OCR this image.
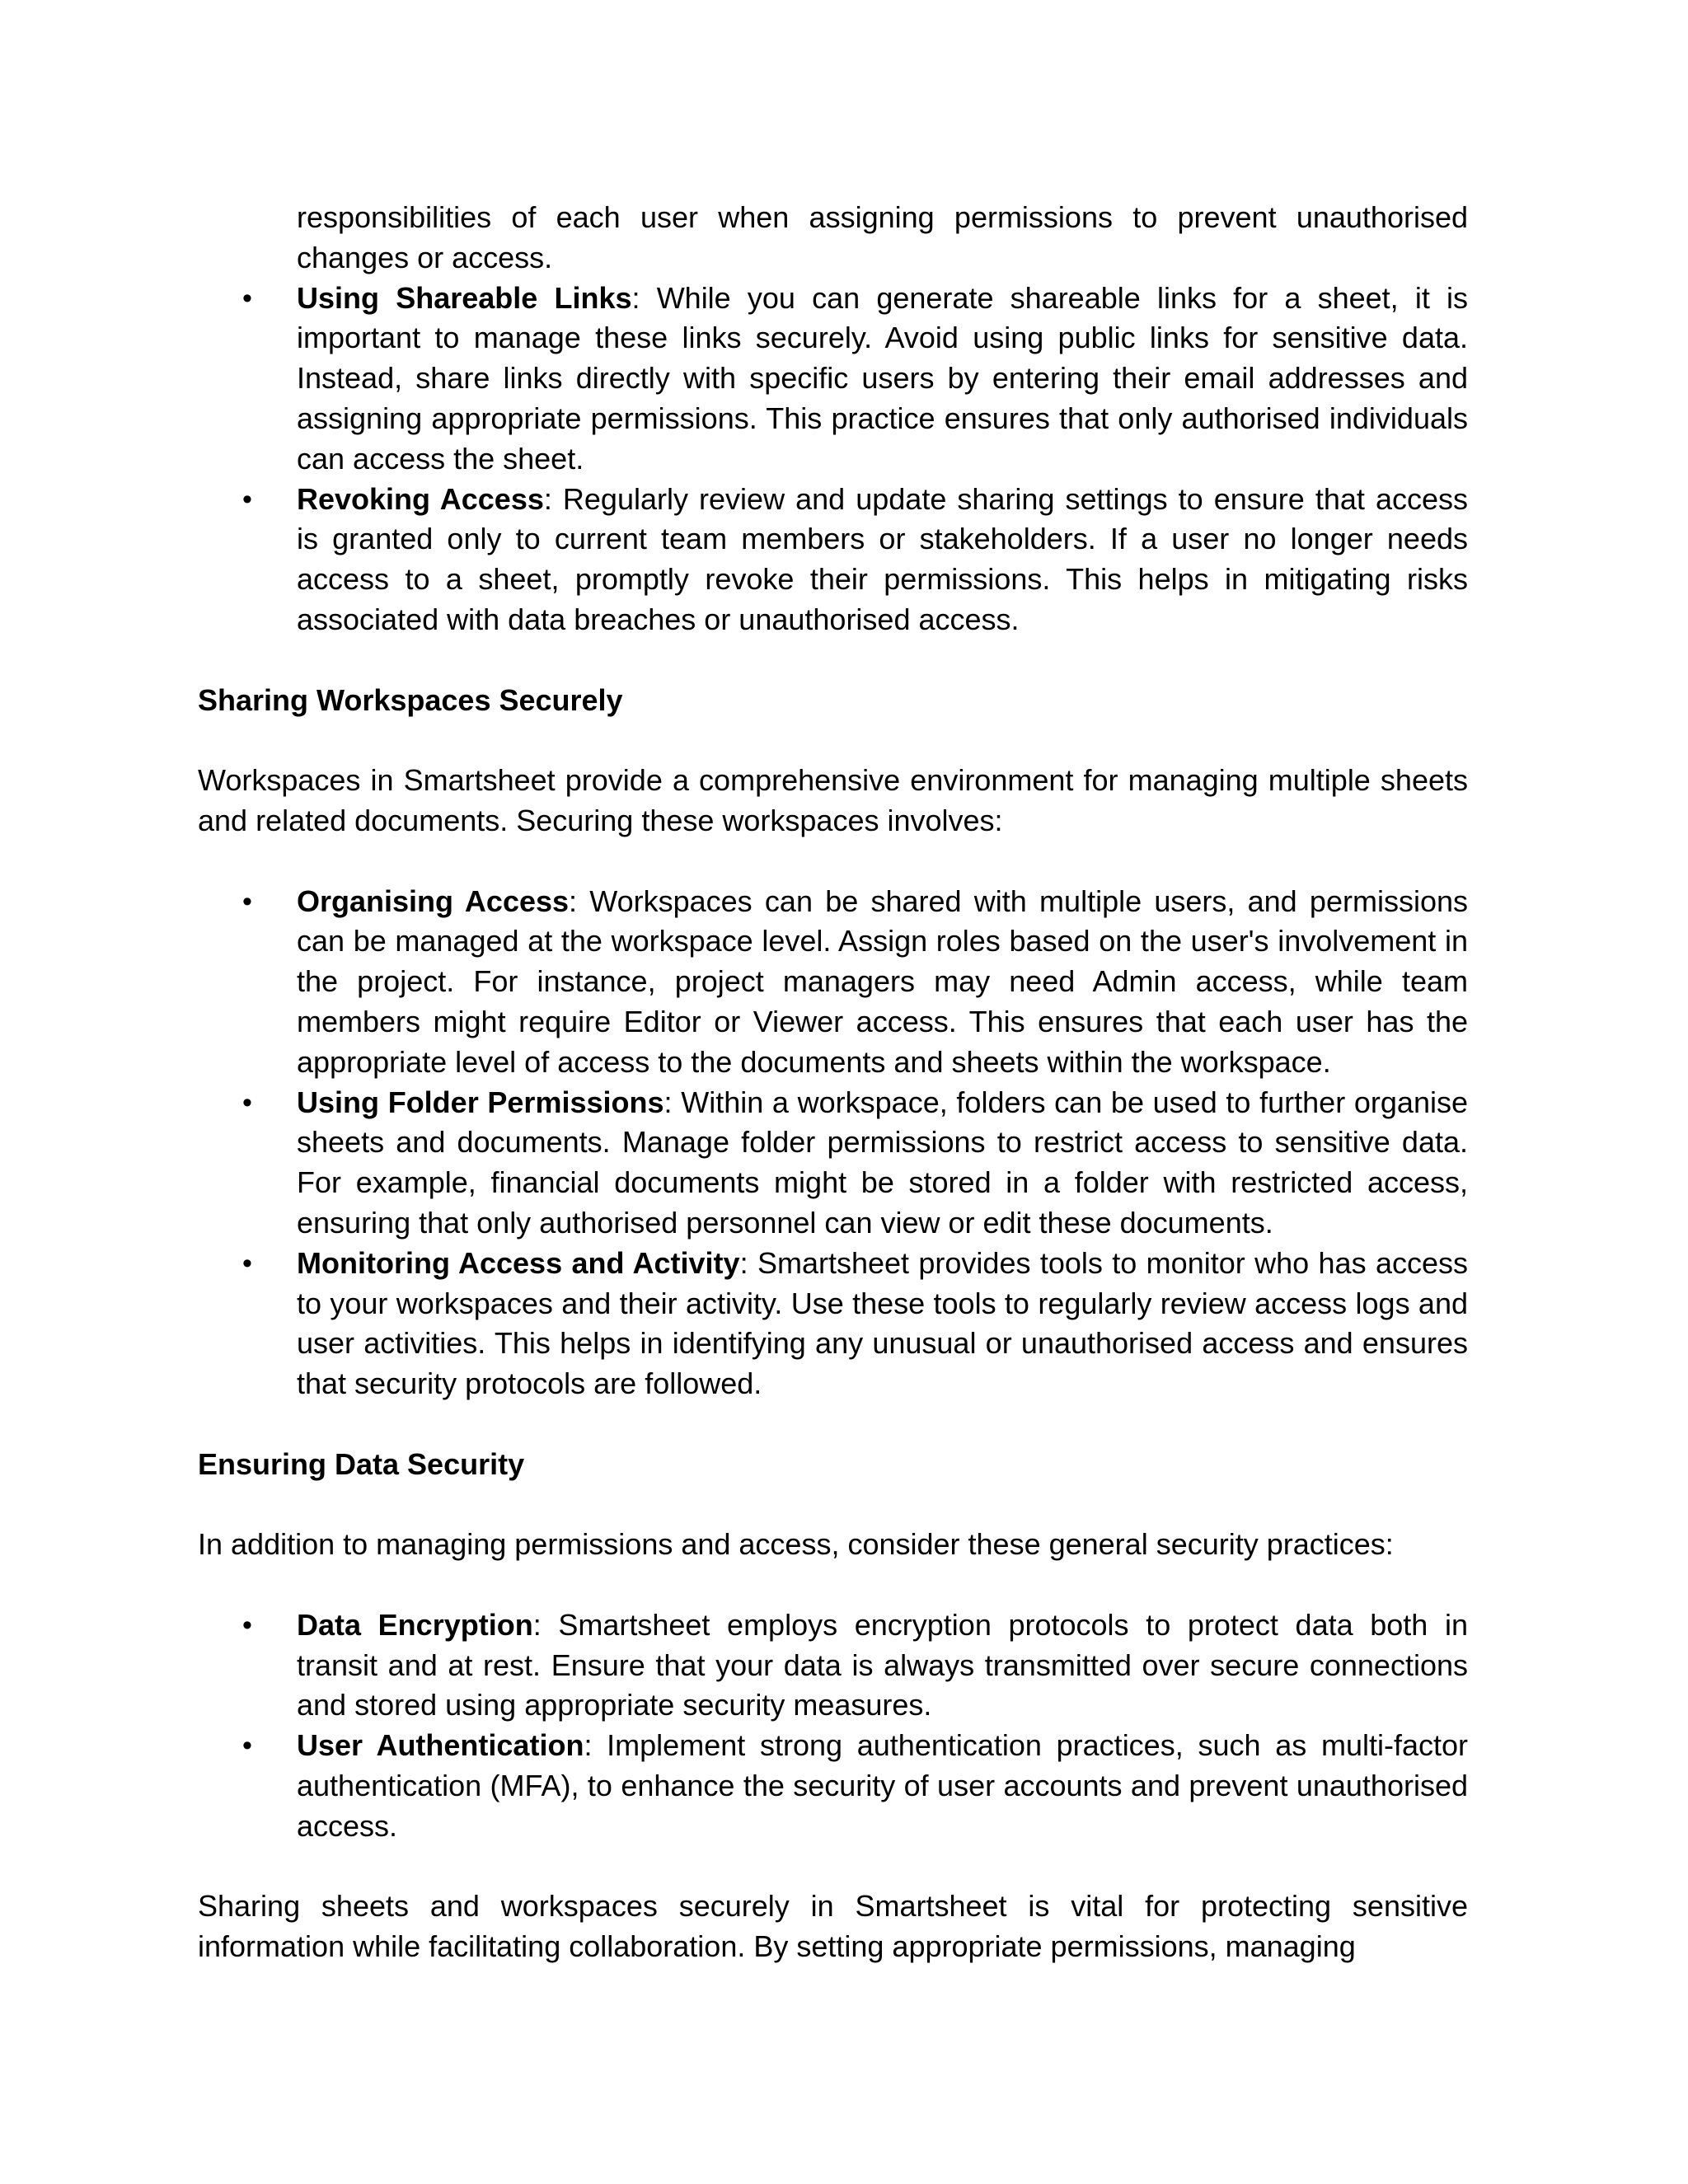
responsibilities of each user when assigning permissions to prevent unauthorised changes or access.

•	Using Shareable Links: While you can generate shareable links for a sheet, it is important to manage these links securely. Avoid using public links for sensitive data. Instead, share links directly with specific users by entering their email addresses and assigning appropriate permissions. This practice ensures that only authorised individuals can access the sheet.
•	Revoking Access: Regularly review and update sharing settings to ensure that access is granted only to current team members or stakeholders. If a user no longer needs access to a sheet, promptly revoke their permissions. This helps in mitigating risks associated with data breaches or unauthorised access.

Sharing Workspaces Securely

Workspaces in Smartsheet provide a comprehensive environment for managing multiple sheets and related documents. Securing these workspaces involves:

•	Organising Access: Workspaces can be shared with multiple users, and permissions can be managed at the workspace level. Assign roles based on the user's involvement in the project. For instance, project managers may need Admin access, while team members might require Editor or Viewer access. This ensures that each user has the appropriate level of access to the documents and sheets within the workspace.
•	Using Folder Permissions: Within a workspace, folders can be used to further organise sheets and documents. Manage folder permissions to restrict access to sensitive data. For example, financial documents might be stored in a folder with restricted access, ensuring that only authorised personnel can view or edit these documents.
•	Monitoring Access and Activity: Smartsheet provides tools to monitor who has access to your workspaces and their activity. Use these tools to regularly review access logs and user activities. This helps in identifying any unusual or unauthorised access and ensures that security protocols are followed.

Ensuring Data Security

In addition to managing permissions and access, consider these general security practices:

•	Data Encryption: Smartsheet employs encryption protocols to protect data both in transit and at rest. Ensure that your data is always transmitted over secure connections and stored using appropriate security measures.
•	User Authentication: Implement strong authentication practices, such as multi-factor authentication (MFA), to enhance the security of user accounts and prevent unauthorised access.

Sharing sheets and workspaces securely in Smartsheet is vital for protecting sensitive information while facilitating collaboration. By setting appropriate permissions, managing
